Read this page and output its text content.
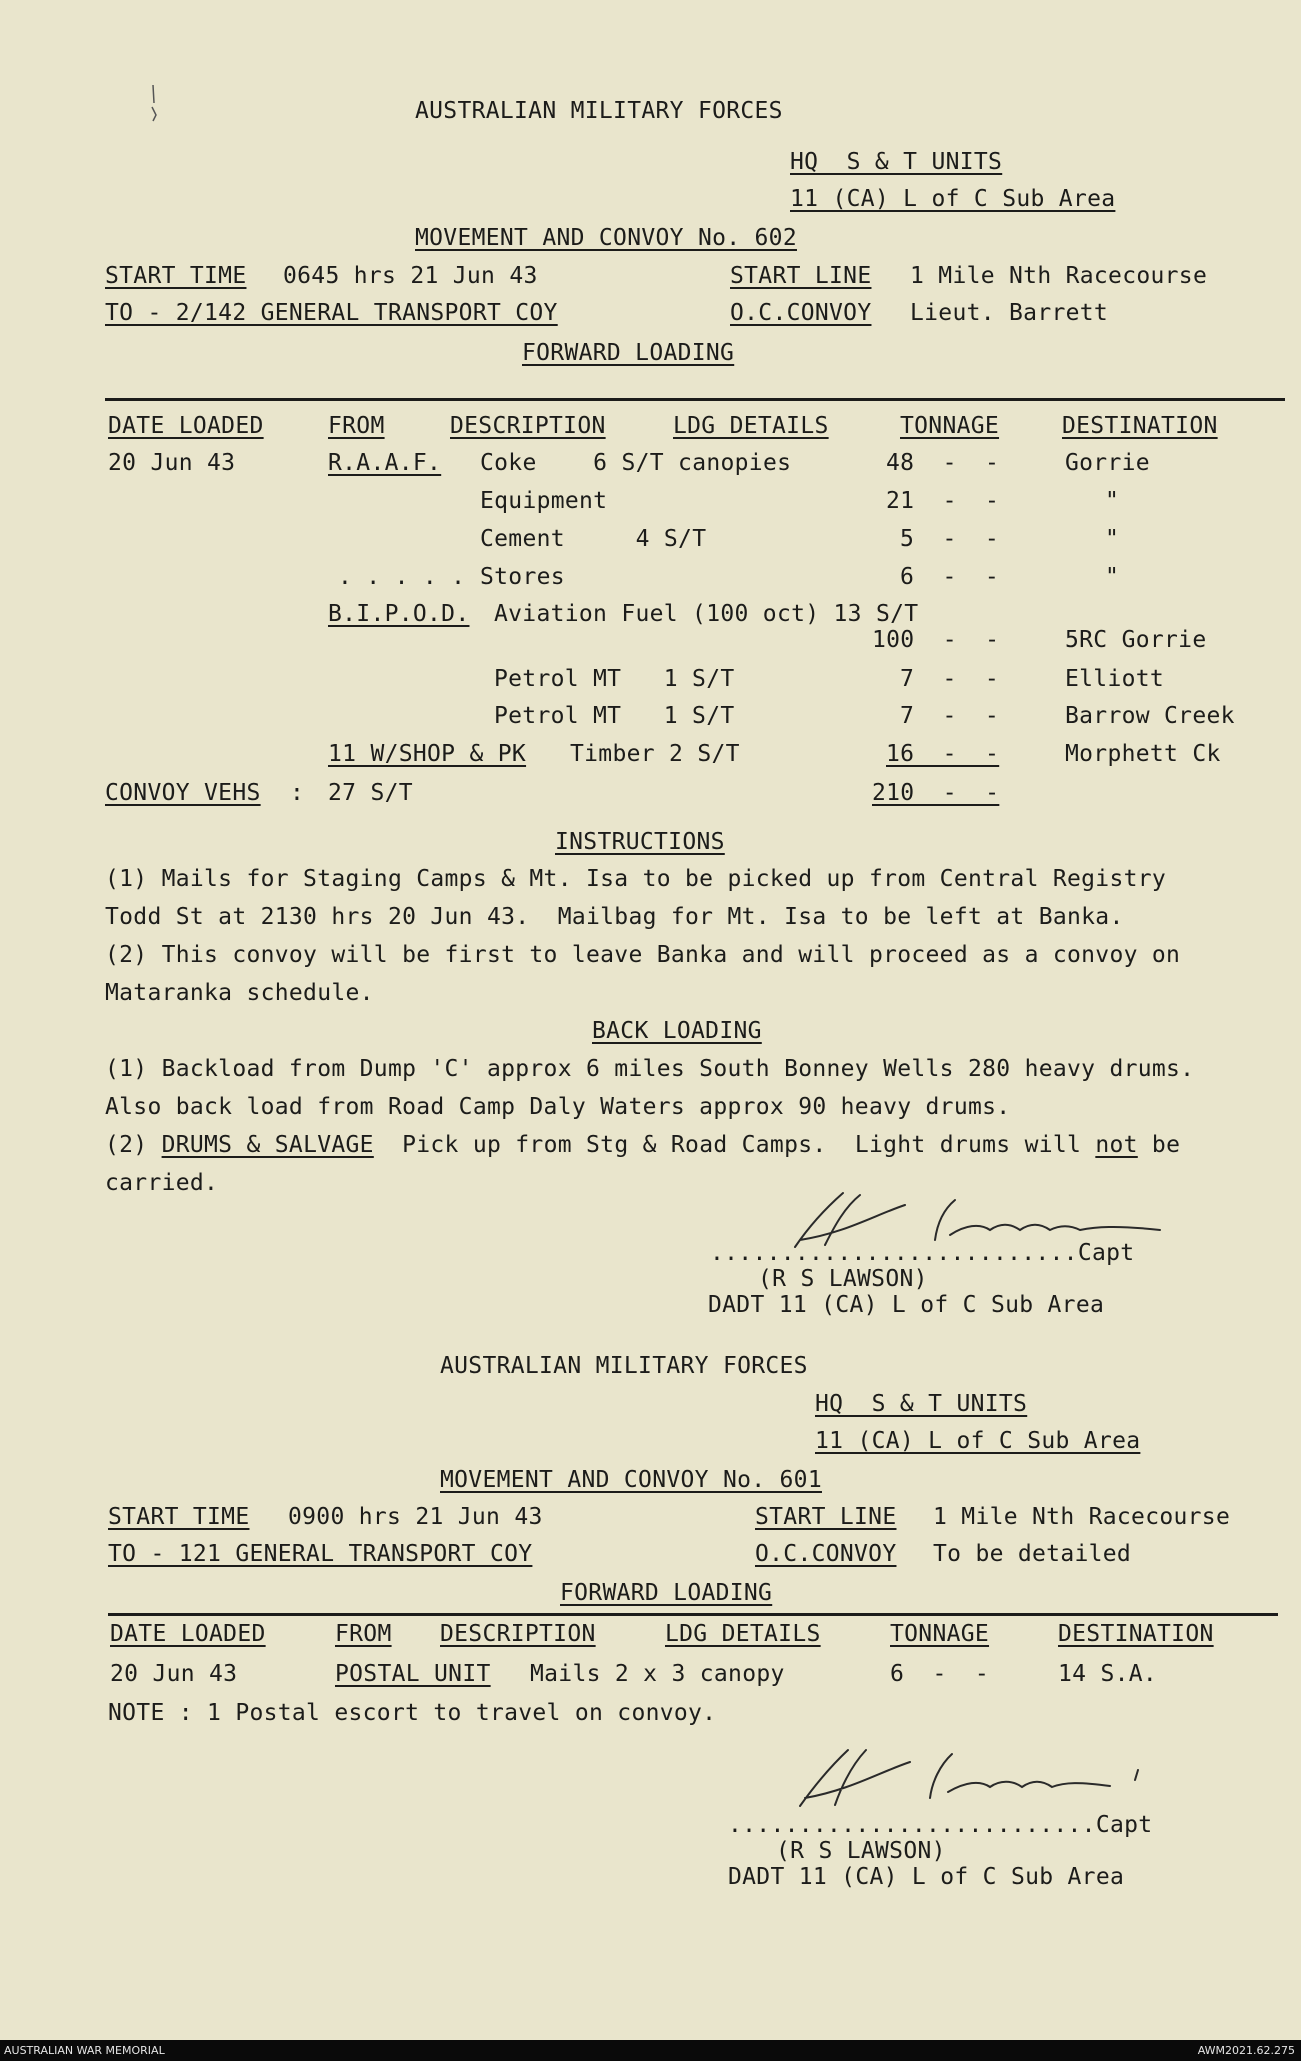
AUSTRALIAN MILITARY FORCES
HQ  S & T UNITS
11 (CA) L of C Sub Area
MOVEMENT AND CONVOY No. 602
START TIME 0645 hrs 21 Jun 43	START LINE 1 Mile Nth Racecourse
TO - 2/142 GENERAL TRANSPORT COY	O.C.CONVOY Lieut. Barrett
FORWARD LOADING
DATE LOADED	FROM	DESCRIPTION	LDG DETAILS	TONNAGE	DESTINATION
20 Jun 43	R.A.A.F. Coke    6 S/T canopies	48  -  -	Gorrie
Equipment	21  -  -	"
Cement     4 S/T	5  -  -	"
. . . . . Stores	6  -  -	"
B.I.P.O.D. Aviation Fuel (100 oct) 13 S/T
100  -  -	5RC Gorrie
Petrol MT   1 S/T	7  -  -	Elliott
Petrol MT   1 S/T	7  -  -	Barrow Creek
11 W/SHOP & PK Timber 2 S/T	16  -  -	Morphett Ck
CONVOY VEHS : 27 S/T	210  -  -
INSTRUCTIONS
(1) Mails for Staging Camps & Mt. Isa to be picked up from Central Registry
Todd St at 2130 hrs 20 Jun 43.  Mailbag for Mt. Isa to be left at Banka.
(2) This convoy will be first to leave Banka and will proceed as a convoy on
Mataranka schedule.
BACK LOADING
(1) Backload from Dump 'C' approx 6 miles South Bonney Wells 280 heavy drums.
Also back load from Road Camp Daly Waters approx 90 heavy drums.
(2) DRUMS & SALVAGE  Pick up from Stg & Road Camps.  Light drums will not be
carried.
..........................Capt
(R S LAWSON)
DADT 11 (CA) L of C Sub Area
AUSTRALIAN MILITARY FORCES
HQ  S & T UNITS
11 (CA) L of C Sub Area
MOVEMENT AND CONVOY No. 601
START TIME 0900 hrs 21 Jun 43	START LINE 1 Mile Nth Racecourse
TO - 121 GENERAL TRANSPORT COY	O.C.CONVOY To be detailed
FORWARD LOADING
DATE LOADED	FROM DESCRIPTION	LDG DETAILS	TONNAGE	DESTINATION
20 Jun 43	POSTAL UNIT Mails 2 x 3 canopy	6  -  -	14 S.A.
NOTE : 1 Postal escort to travel on convoy.
..........................Capt
(R S LAWSON)
DADT 11 (CA) L of C Sub Area
AUSTRALIAN WAR MEMORIAL	AWM2021.62.275
